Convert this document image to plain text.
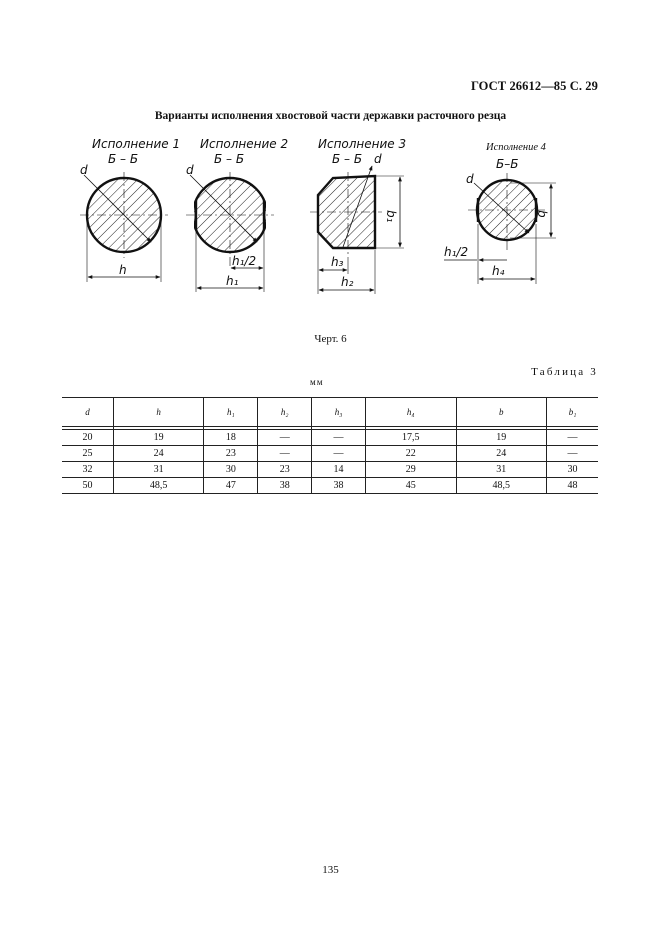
ГОСТ 26612—85 С. 29
Варианты исполнения хвостовой части державки расточного резца
Исполнение 1
Б – Б
d
h
Исполнение 2
Б – Б
d
h₁/2
h₁
Исполнение 3
Б – Б d
b₁
h₃
h₂
Исполнение 4
Б–Б
d
b
h₁/2
h₄
Черт. 6
Таблица 3
мм
d	h	h₁	h₂	h₃	h₄	b	b₁

20	19	18	—	—	17,5	19	—
25	24	23	—	—	22	24	—
32	31	30	23	14	29	31	30
50	48,5	47	38	38	45	48,5	48
135
